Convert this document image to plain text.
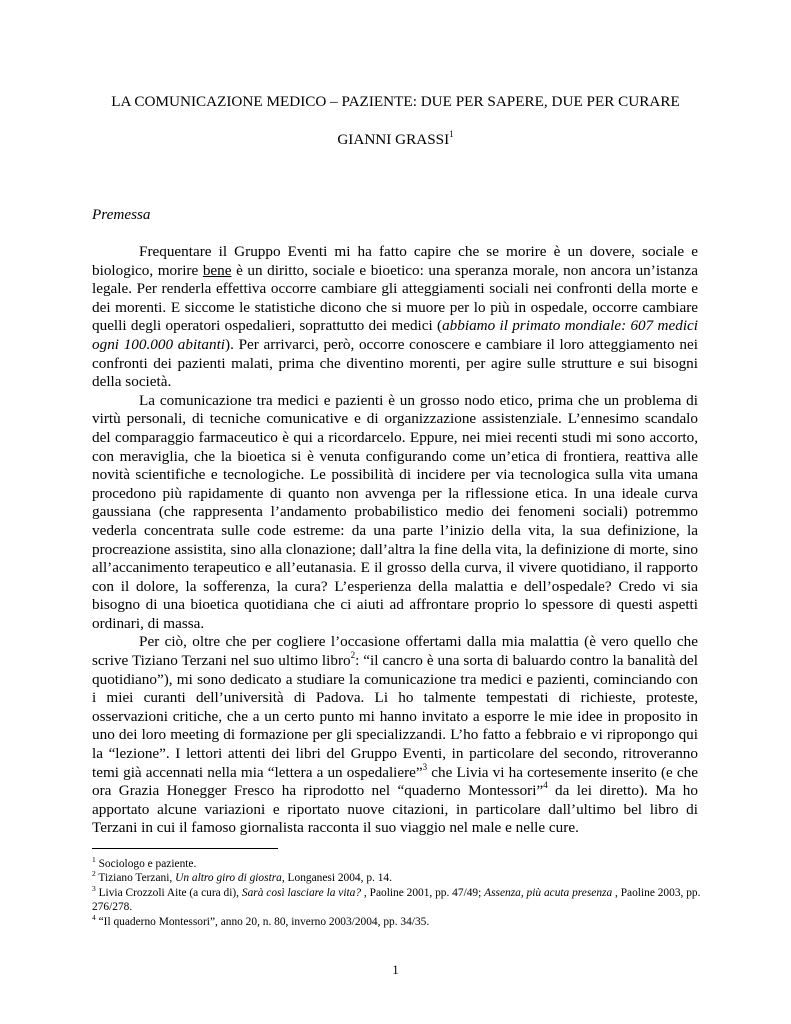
LA COMUNICAZIONE MEDICO – PAZIENTE: DUE PER SAPERE, DUE PER CURARE
GIANNI GRASSI$^1$
Premessa

Frequentare il Gruppo Eventi mi ha fatto capire che se morire è un dovere, sociale e biologico, morire bene è un diritto, sociale e bioetico: una speranza morale, non ancora un’istanza legale. Per renderla effettiva occorre cambiare gli atteggiamenti sociali nei confronti della morte e dei morenti. E siccome le statistiche dicono che si muore per lo più in ospedale, occorre cambiare quelli degli operatori ospedalieri, soprattutto dei medici (abbiamo il primato mondiale: 607 medici ogni 100.000 abitanti). Per arrivarci, però, occorre conoscere e cambiare il loro atteggiamento nei confronti dei pazienti malati, prima che diventino morenti, per agire sulle strutture e sui bisogni della società.

La comunicazione tra medici e pazienti è un grosso nodo etico, prima che un problema di virtù personali, di tecniche comunicative e di organizzazione assistenziale. L’ennesimo scandalo del comparaggio farmaceutico è qui a ricordarcelo. Eppure, nei miei recenti studi mi sono accorto, con meraviglia, che la bioetica si è venuta configurando come un’etica di frontiera, reattiva alle novità scientifiche e tecnologiche. Le possibilità di incidere per via tecnologica sulla vita umana procedono più rapidamente di quanto non avvenga per la riflessione etica. In una ideale curva gaussiana (che rappresenta l’andamento probabilistico medio dei fenomeni sociali) potremmo vederla concentrata sulle code estreme: da una parte l’inizio della vita, la sua definizione, la procreazione assistita, sino alla clonazione; dall’altra la fine della vita, la definizione di morte, sino all’accanimento terapeutico e all’eutanasia. E il grosso della curva, il vivere quotidiano, il rapporto con il dolore, la sofferenza, la cura? L’esperienza della malattia e dell’ospedale? Credo vi sia bisogno di una bioetica quotidiana che ci aiuti ad affrontare proprio lo spessore di questi aspetti ordinari, di massa.

Per ciò, oltre che per cogliere l’occasione offertami dalla mia malattia (è vero quello che scrive Tiziano Terzani nel suo ultimo libro$^2$: “il cancro è una sorta di baluardo contro la banalità del quotidiano”), mi sono dedicato a studiare la comunicazione tra medici e pazienti, cominciando con i miei curanti dell’università di Padova. Li ho talmente tempestati di richieste, proteste, osservazioni critiche, che a un certo punto mi hanno invitato a esporre le mie idee in proposito in uno dei loro meeting di formazione per gli specializzandi. L’ho fatto a febbraio e vi ripropongo qui la “lezione”. I lettori attenti dei libri del Gruppo Eventi, in particolare del secondo, ritroveranno temi già accennati nella mia “lettera a un ospedaliere”$^3$ che Livia vi ha cortesemente inserito (e che ora Grazia Honegger Fresco ha riprodotto nel “quaderno Montessori”$^4$ da lei diretto). Ma ho apportato alcune variazioni e riportato nuove citazioni, in particolare dall’ultimo bel libro di Terzani in cui il famoso giornalista racconta il suo viaggio nel male e nelle cure.

$^1$ Sociologo e paziente.

$^2$ Tiziano Terzani, Un altro giro di giostra, Longanesi 2004, p. 14.

$^3$ Livia Crozzoli Aite (a cura di), Sarà così lasciare la vita? , Paoline 2001, pp. 47/49; Assenza, più acuta presenza , Paoline 2003, pp. 276/278.

$^4$ “Il quaderno Montessori”, anno 20, n. 80, inverno 2003/2004, pp. 34/35.

1
